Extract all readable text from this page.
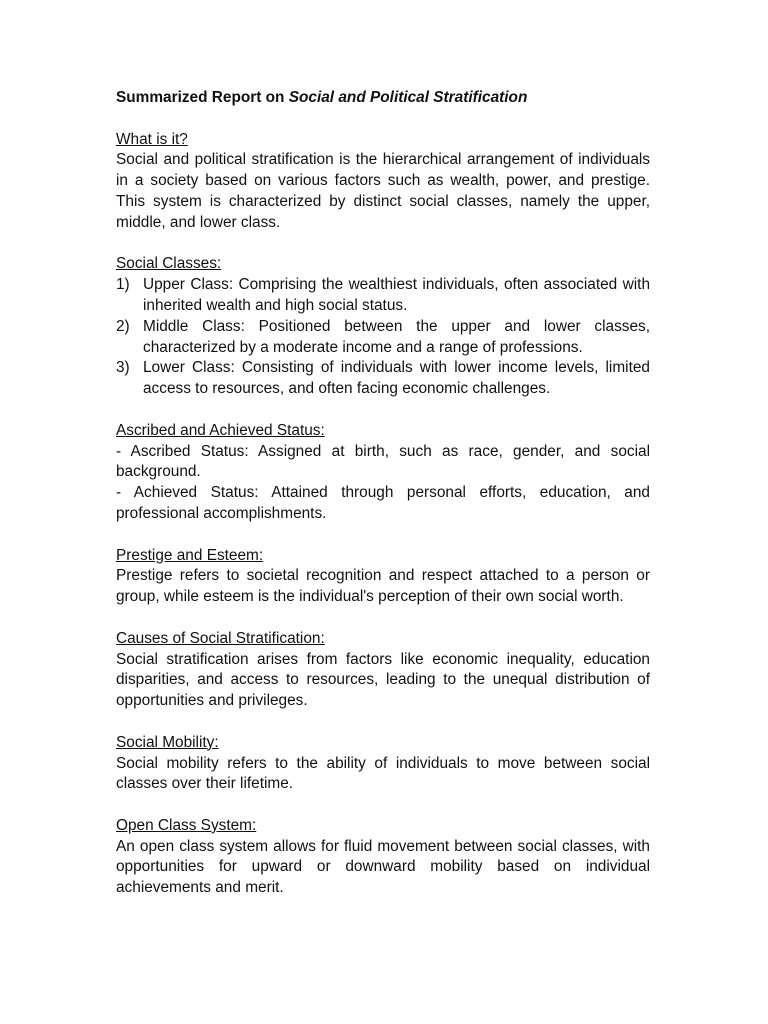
Summarized Report on Social and Political Stratification

What is it?

Social and political stratification is the hierarchical arrangement of individuals in a society based on various factors such as wealth, power, and prestige. This system is characterized by distinct social classes, namely the upper, middle, and lower class.

Social Classes:

1) Upper Class: Comprising the wealthiest individuals, often associated with inherited wealth and high social status.
2) Middle Class: Positioned between the upper and lower classes, characterized by a moderate income and a range of professions.
3) Lower Class: Consisting of individuals with lower income levels, limited access to resources, and often facing economic challenges.

Ascribed and Achieved Status:

- Ascribed Status: Assigned at birth, such as race, gender, and social background.

- Achieved Status: Attained through personal efforts, education, and professional accomplishments.

Prestige and Esteem:

Prestige refers to societal recognition and respect attached to a person or group, while esteem is the individual's perception of their own social worth.

Causes of Social Stratification:

Social stratification arises from factors like economic inequality, education disparities, and access to resources, leading to the unequal distribution of opportunities and privileges.

Social Mobility:

Social mobility refers to the ability of individuals to move between social classes over their lifetime.

Open Class System:

An open class system allows for fluid movement between social classes, with opportunities for upward or downward mobility based on individual achievements and merit.
